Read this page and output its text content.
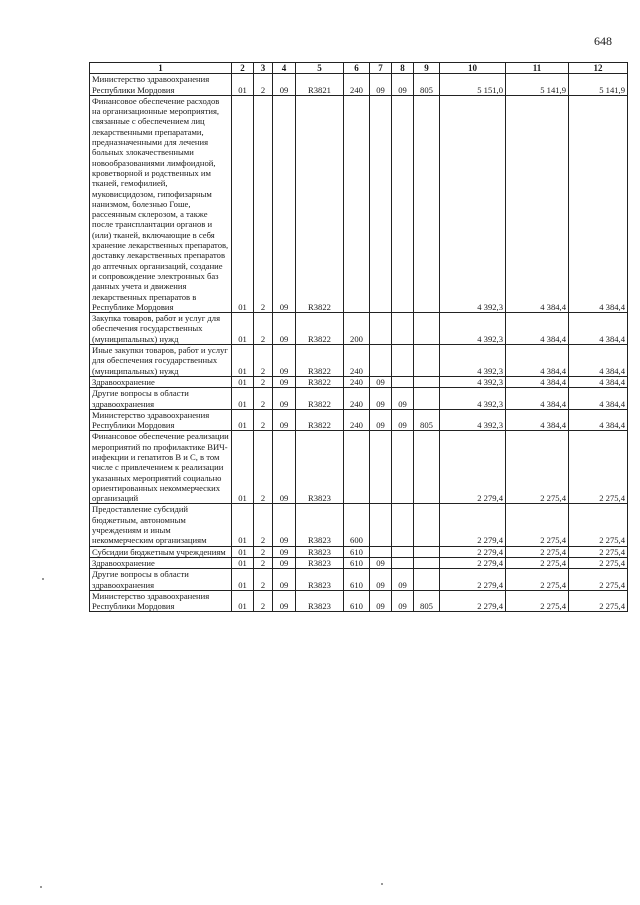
648
1	2	3	4	5	6	7	8	9	10	11	12
Министерство здравоохранения Республики Мордовия	01	2	09	R3821	240	09	09	805	5 151,0	5 141,9	5 141,9
Финансовое обеспечение расходов на организационные мероприятия, связанные с обеспечением лиц лекарственными препаратами, предназначенными для лечения больных злокачественными новообразованиями лимфоидной, кроветворной и родственных им тканей, гемофилией, муковисцидозом, гипофизарным нанизмом, болезнью Гоше, рассеянным склерозом, а также после трансплантации органов и (или) тканей, включающие в себя хранение лекарственных препаратов, доставку лекарственных препаратов до аптечных организаций, создание и сопровождение электронных баз данных учета и движения лекарственных препаратов в Республике Мордовия	01	2	09	R3822					4 392,3	4 384,4	4 384,4
Закупка товаров, работ и услуг для обеспечения государственных (муниципальных) нужд	01	2	09	R3822	200				4 392,3	4 384,4	4 384,4
Иные закупки товаров, работ и услуг для обеспечения государственных (муниципальных) нужд	01	2	09	R3822	240				4 392,3	4 384,4	4 384,4
Здравоохранение	01	2	09	R3822	240	09			4 392,3	4 384,4	4 384,4
Другие вопросы в области здравоохранения	01	2	09	R3822	240	09	09		4 392,3	4 384,4	4 384,4
Министерство здравоохранения Республики Мордовия	01	2	09	R3822	240	09	09	805	4 392,3	4 384,4	4 384,4
Финансовое обеспечение реализации мероприятий по профилактике ВИЧ-инфекции и гепатитов В и С, в том числе с привлечением к реализации указанных мероприятий социально ориентированных некоммерческих организаций	01	2	09	R3823					2 279,4	2 275,4	2 275,4
Предоставление субсидий бюджетным, автономным учреждениям и иным некоммерческим организациям	01	2	09	R3823	600				2 279,4	2 275,4	2 275,4
Субсидии бюджетным учреждениям	01	2	09	R3823	610				2 279,4	2 275,4	2 275,4
Здравоохранение	01	2	09	R3823	610	09			2 279,4	2 275,4	2 275,4
Другие вопросы в области здравоохранения	01	2	09	R3823	610	09	09		2 279,4	2 275,4	2 275,4
Министерство здравоохранения Республики Мордовия	01	2	09	R3823	610	09	09	805	2 279,4	2 275,4	2 275,4
